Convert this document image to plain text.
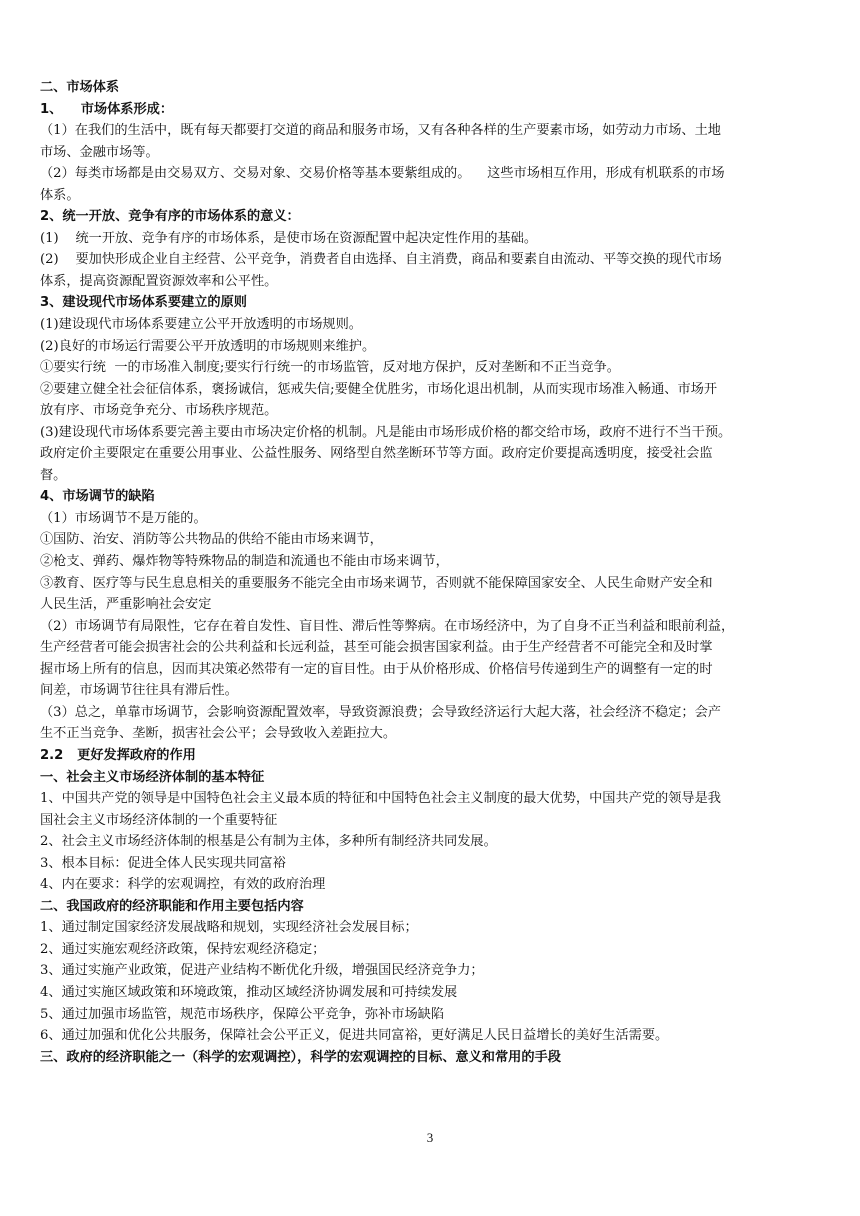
二、市场体系
1、    市场体系形成：
（1）在我们的生活中，既有每天都要打交道的商品和服务市场，又有各种各样的生产要素市场，如劳动力市场、土地
市场、金融市场等。
（2）每类市场都是由交易双方、交易对象、交易价格等基本要紫组成的。    这些市场相互作用，形成有机联系的市场
体系。
2、统一开放、竞争有序的市场体系的意义：
(1)    统一开放、竞争有序的市场体系，是使市场在资源配置中起决定性作用的基础。
(2)    要加快形成企业自主经营、公平竞争，消费者自由选择、自主消费，商品和要素自由流动、平等交换的现代市场
体系，提高资源配置资源效率和公平性。
3、建设现代市场体系要建立的原则
(1)建设现代市场体系要建立公平开放透明的市场规则。
(2)良好的市场运行需要公平开放透明的市场规则来维护。
①要实行统  一的市场准入制度;要实行行统一的市场监管，反对地方保护，反对垄断和不正当竞争。
②要建立健全社会征信体系，褒扬诚信，惩戒失信;要健全优胜劣，市场化退出机制，从而实现市场准入畅通、市场开
放有序、市场竞争充分、市场秩序规范。
(3)建设现代市场体系要完善主要由市场决定价格的机制。凡是能由市场形成价格的都交给市场，政府不进行不当干预。
政府定价主要限定在重要公用事业、公益性服务、网络型自然垄断环节等方面。政府定价要提高透明度，接受社会监
督。
4、市场调节的缺陷
（1）市场调节不是万能的。
①国防、治安、消防等公共物品的供给不能由市场来调节，
②枪支、弹药、爆炸物等特殊物品的制造和流通也不能由市场来调节，
③教育、医疗等与民生息息相关的重要服务不能完全由市场来调节，否则就不能保障国家安全、人民生命财产安全和
人民生活，严重影响社会安定
（2）市场调节有局限性，它存在着自发性、盲目性、滞后性等弊病。在市场经济中，为了自身不正当利益和眼前利益，
生产经营者可能会损害社会的公共利益和长远利益，甚至可能会损害国家利益。由于生产经营者不可能完全和及时掌
握市场上所有的信息，因而其决策必然带有一定的盲目性。由于从价格形成、价格信号传递到生产的调整有一定的时
间差，市场调节往往具有滞后性。
（3）总之，单靠市场调节，会影响资源配置效率，导致资源浪费；会导致经济运行大起大落，社会经济不稳定；会产
生不正当竞争、垄断，损害社会公平；会导致收入差距拉大。
2.2   更好发挥政府的作用
一、社会主义市场经济体制的基本特征
1、中国共产党的领导是中国特色社会主义最本质的特征和中国特色社会主义制度的最大优势，中国共产党的领导是我
国社会主义市场经济体制的一个重要特征
2、社会主义市场经济体制的根基是公有制为主体，多种所有制经济共同发展。
3、根本目标：促进全体人民实现共同富裕
4、内在要求：科学的宏观调控，有效的政府治理
二、我国政府的经济职能和作用主要包括内容
1、通过制定国家经济发展战略和规划，实现经济社会发展目标；
2、通过实施宏观经济政策，保持宏观经济稳定；
3、通过实施产业政策，促进产业结构不断优化升级，增强国民经济竞争力；
4、通过实施区域政策和环境政策，推动区域经济协调发展和可持续发展
5、通过加强市场监管，规范市场秩序，保障公平竞争，弥补市场缺陷
6、通过加强和优化公共服务，保障社会公平正义，促进共同富裕，更好满足人民日益增长的美好生活需要。
三、政府的经济职能之一（科学的宏观调控），科学的宏观调控的目标、意义和常用的手段
3
